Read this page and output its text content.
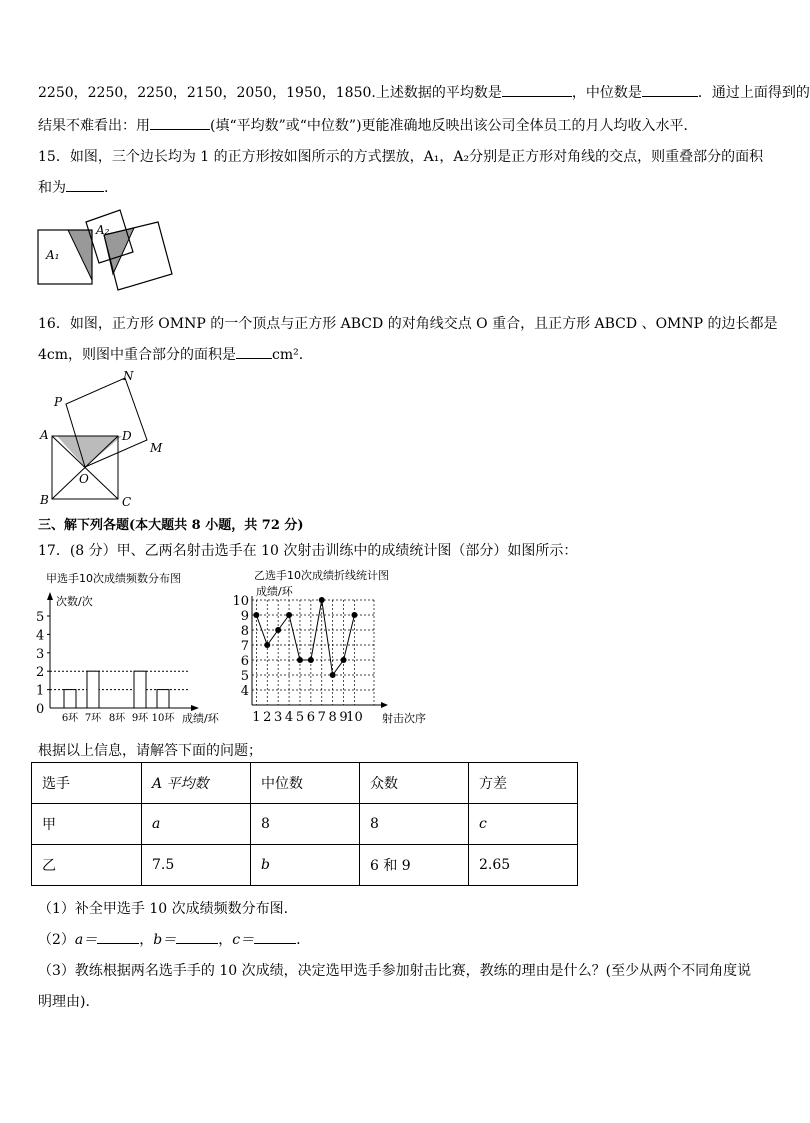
2250，2250，2250，2150，2050，1950，1850.上述数据的平均数是	，中位数是	．通过上面得到的
结果不难看出：用	(填“平均数”或“中位数”)更能准确地反映出该公司全体员工的月人均收入水平．
15．如图，三个边长均为 1 的正方形按如图所示的方式摆放，A₁，A₂分别是正方形对角线的交点，则重叠部分的面积
和为	.
A₁
A₂
16．如图，正方形 OMNP 的一个顶点与正方形 ABCD 的对角线交点 O 重合，且正方形 ABCD 、OMNP 的边长都是
4cm，则图中重合部分的面积是	cm².
N
P
A	D
M
O
B	C
三、解下列各题(本大题共 8 小题，共 72 分)
17．(8 分）甲、乙两名射击选手在 10 次射击训练中的成绩统计图（部分）如图所示：
甲选手10次成绩频数分布图
次数/次
成绩/环
0
1
2
3
4
5
6环 7环 8环 9环 10环
乙选手10次成绩折线统计图
成绩/环
射击次序
4
5
6
7
8
9
10
1 2 3 4 5 6 7 8 9
10
根据以上信息，请解答下面的问题；
选手	A 平均数	中位数	众数	方差
甲	a	8	8	c
乙	7.5	b	6 和 9	2.65
（1）补全甲选手 10 次成绩频数分布图.
（2）a＝	，b＝	，c＝	.
（3）教练根据两名选手手的 10 次成绩，决定选甲选手参加射击比赛，教练的理由是什么？(至少从两个不同角度说
明理由).
